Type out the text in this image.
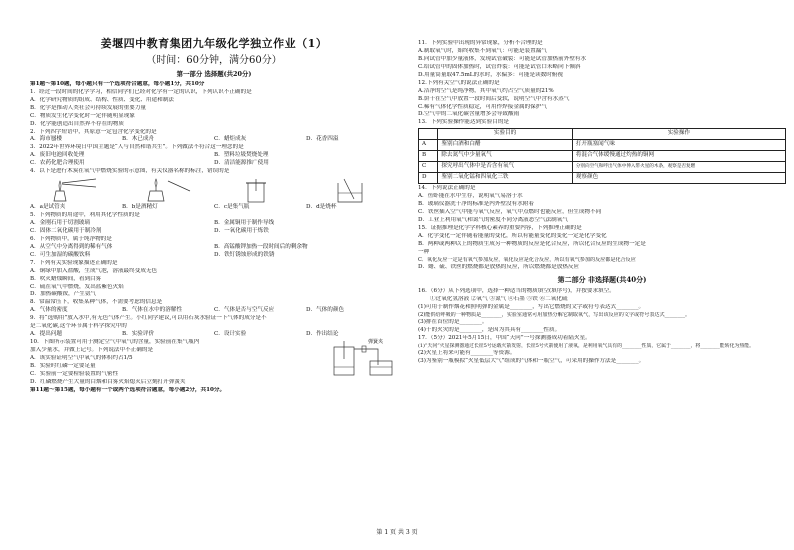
姜堰四中教育集团九年级化学独立作业（1）
（时间：60分钟，满分60分）
第一部分 选择题(共20分)
第1题～第10题，每小题只有一个选项符合题意，每小题1分，共10分
1．经过一段时间的化学学习，相信同学们已经对化学有一定的认识，下列认识不正确的是
A．化学研究物质的组成、结构、性质、变化、用途和制法
B．化学是推动人类社会可持续发展的重要力量
C．物质发生化学变化时一定伴随明显现象
D．化学能创造出自然界不存在的物质
2．下列四字短语中，其原意一定包含化学变化的是
A．海市蜃楼	B．木已成舟	C．蜡炬成灰	D．花香四溢
3．2022年世界环境日中国主题是“人与自然和谐共生”。下列做法不符合这一理念的是
A．废旧电池回收处理	B．塑料垃圾焚烧处理
C．农药化肥合理使用	D．清洁能源推广使用
4．以下是进行木炭在氧气中燃烧实验的示意图，有关仪器名称的标注，错误的是
A．a是试管夹	B．b是酒精灯	C．c是集气瓶	D．d是烧杯
5．下列物质的用途中，利用其化学性质的是
A．金刚石用于切割玻璃	B．金属铜用于制作导线
C．固体二氧化碳用于制冷剂	D．一氧化碳用于炼铁
6．下列物质中，属于纯净物的是
A．从空气中分离得到的稀有气体	B．高锰酸钾加热一段时间后的剩余物
C．可生加湿的碳酸饮料	D．铁钉锈蚀形成的铁锈
7．下列有关实验现象描述正确的是
A．铜绿中加入盐酸，生成气泡，溶液最终变成无色
B．吹灭蜡烛瞬间，看到白雾
C．硫在氧气中燃烧，发出蓝紫色火焰
D．加热碳酸铵，产生氨气
8．常温常压下，收集某种气体，不需要考虑的信息是
A．气体的密度	B．气体在水中的溶解性	C．气体是否与空气反应	D．气体的颜色
9．将“选购用”放入水中,有无色气体产生。小红同学建议,可以用石灰水验证一下气体的成分是不
是二氧化碳,这个环节属于科学探究中的
A．提出问题	B．实验评价	C．设计实验	D．作出结论
10．下图所示装置可用于测定空气中氧气的含量，实验前在集气瓶内
加入少量水，并做上记号。下列说法中不正确的是
A．该实验证明空气中氧气的体积约占1/5
B．实验时红磷一定要足量
C．实验前一定要检验装置的气密性
D．红磷燃烧产生大量的白烟和白雾火焰熄灭后立刻打开弹簧夹
弹簧夹
第11题～第15题，每小题有一个或两个选项符合题意，每小题2分，共10分。
11．下列实验中出现的异常现象，分析不合理的是
A.制取氧气时，始终收集不到氧气：可能是装置漏气
B.向试管中加少量液体，发现试管破裂：可能是试管加热前外壁有水
C.给试管中的固体加热时，试管炸裂：可能是试管口未略向下倾斜
D.用量筒量取47.5mL的水时，水偏多：可能是读数时俯视
12.下列有关空气的说法正确的是
A.洁净的空气是纯净物，其中氧气约占空气质量的21%
B.饼干在空气中放置一段时间后变软，说明空气中含有水蒸气
C.稀有气体化学性质稳定，可用作焊接金属的保护气
D.空气中的二氧化碳含量增多会导致酸雨
13．下列实验操作能达到实验目的是
	实验目的	实验操作
A	鉴别白酒和白醋	打开瓶塞闻气味
B	除去氮气中少量氧气	将混合气体缓慢通过灼热的铜网
C	探究呼出气体中是否含有氧气	分别向空气和呼出气体中伸入带火星的木条，观察是否复燃
D	鉴别二氧化锰和四氧化三铁	观察颜色
14．下列说法正确的是
A．鱼虾能在水中生存，说明氧气易溶于水
B．玻璃仪器洗干净的标准是内外壁没有水附着
C．铁丝插入空气中能与氧气反应，氧气中点燃时也能反应，但生成物不同
D．工业上利用氧气和氮气的密度不同分离液态空气法制氧气
15．证据推理是化学学科核心素养的重要内容，下列推理正确的是
A．化学变化一定伴随着能量的变化，所以有能量变化的变化一定是化学变化
B．两种或两种以上的物质生成另一种物质的反应是化合反应，所以化合反应的生成物一定是
一种
C．氧化反应一定是有氧气参加反应，氧化反应是化合反应，所以有氧气参加的反应都是化合反应
D．蜡、硫、铁丝的燃烧都是放热的反应，所以燃烧都是放热反应
第二部分 非选择题(共40分)
16．（6分）从下列选项中，选择一种适当的物质填空(填序号)，并按要求填空。
①过氧化氢溶液 ②氧气 ③氮气 ④石墨 ⑤铁 ⑥二氧化硫
(1)可用于制作烟花和照明弹的金属是________，写出它燃烧的文字或符号表达式________。
(2)能供给呼吸的一种物质是________，实验室通常可用加热分解它制取氧气，写出该反应的文字或符号表达式________。
(3)排在首位的是________。
(4)干的火灾的是________，是因为其具有________性质。
17．（5分）2021年5月15日，中国“天问”一号探测器成功着陆火星。
(1)“天问”火星探测器通过长征5号运载火箭发射，长征5号火箭使用了液氧，是利用氧气具有的________性质，它属于________，将________能转化为热能。
(2)火星上将来可能有________等资源。
(3)为鉴别一瓶模拟“火星低层大气”组成的气体和一瓶空气，可采用的操作方法是________。
第 1 页 共 3 页
